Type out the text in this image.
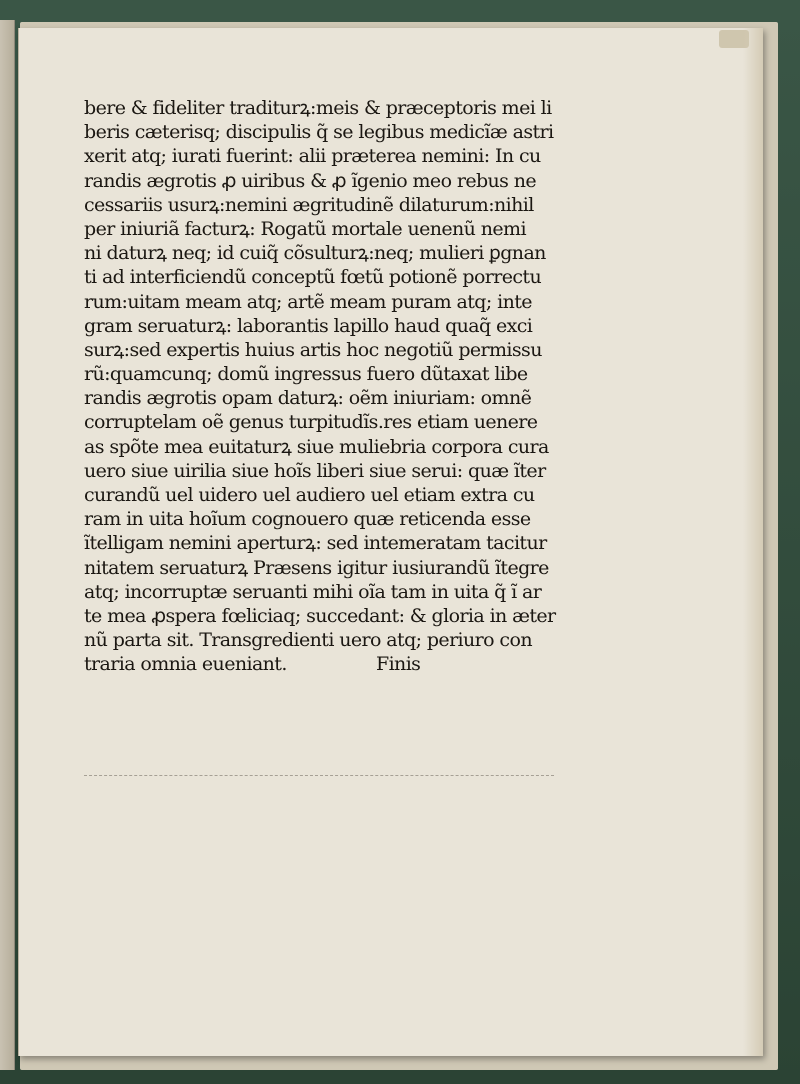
bere & fideliter traditurꝝ:meis & præceptoris mei li
beris cæterisq; discipulis q̃ se legibus medicĩæ astri
xerit atq; iurati fuerint: alii præterea nemini: In cu
randis ægrotis ꝓ uiribus & ꝓ ĩgenio meo rebus ne
cessariis usurꝝ:nemini ægritudinẽ dilaturum:nihil
per iniuriã facturꝝ: Rogatũ mortale uenenũ nemi
ni daturꝝ neq; id cuiq̃ cõsulturꝝ:neq; mulieri ꝑgnan
ti ad interficiendũ conceptũ fœtũ potionẽ porrectu
rum:uitam meam atq; artẽ meam puram atq; inte
gram seruaturꝝ: laborantis lapillo haud quaq̃ exci
surꝝ:sed expertis huius artis hoc negotiũ permissu
rũ:quamcunq; domũ ingressus fuero dũtaxat libe
randis ægrotis opam daturꝝ: oẽm iniuriam: omnẽ
corruptelam oẽ genus turpitudĩs.res etiam uenere
as spõte mea euitaturꝝ siue muliebria corpora cura
uero siue uirilia siue hoĩs liberi siue serui: quæ ĩter
curandũ uel uidero uel audiero uel etiam extra cu
ram in uita hoĩum cognouero quæ reticenda esse
ĩtelligam nemini aperturꝝ: sed intemeratam tacitur
nitatem seruaturꝝ Præsens igitur iusiurandũ ĩtegre
atq; incorruptæ seruanti mihi oĩa tam in uita q̃ ĩ ar
te mea ꝓspera fœliciaq; succedant: & gloria in æter
nũ parta sit. Transgredienti uero atq; periuro con
traria omnia eueniant.	Finis
